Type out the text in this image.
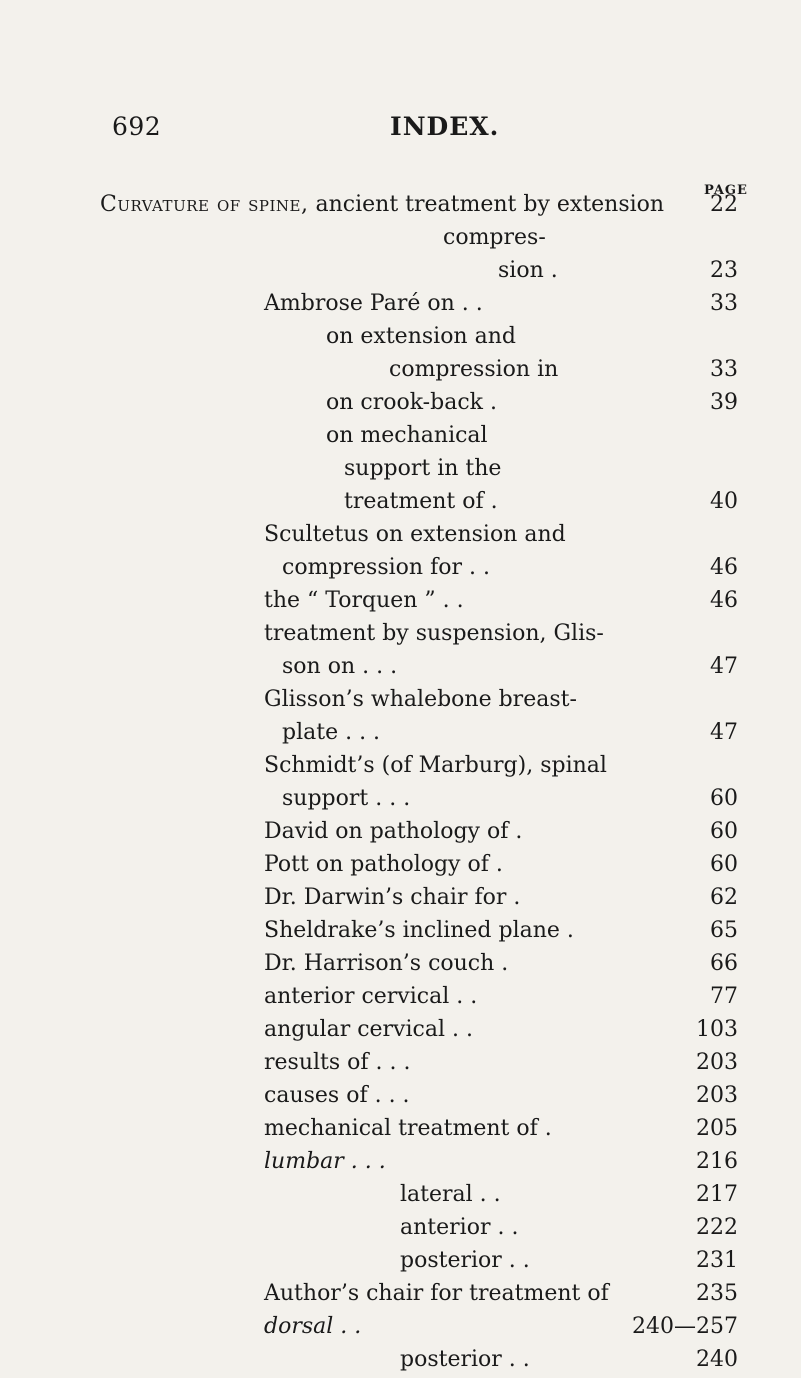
692	INDEX.
PAGE
Curvature of spine, ancient treatment by extension 22
compres-
sion .	23
Ambrose Paré on . .	33
on extension and
compression in	33
on crook-back .	39
on mechanical
support in the
treatment of .	40
Scultetus on extension and
compression for . .	46
the “ Torquen ” . .	46
treatment by suspension, Glis-
son on . . .	47
Glisson’s whalebone breast-
plate . . .	47
Schmidt’s (of Marburg), spinal
support . . .	60
David on pathology of .	60
Pott on pathology of .	60
Dr. Darwin’s chair for .	62
Sheldrake’s inclined plane .	65
Dr. Harrison’s couch .	66
anterior cervical . .	77
angular cervical . .	103
results of . . .	203
causes of . . .	203
mechanical treatment of .	205
lumbar . . .	216
lateral . .	217
anterior . .	222
posterior . .	231
Author’s chair for treatment of	235
dorsal . .	240—257
posterior . .	240
